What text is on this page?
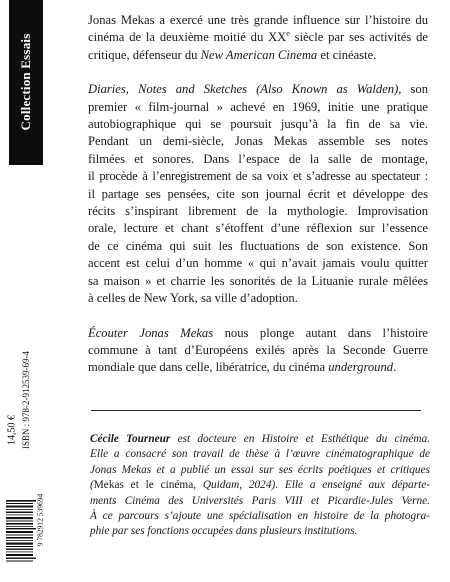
Collection Essais
14,50 € ISBN : 978-2-912539-69-4
9 782912 539694

Jonas Mekas a exercé une très grande influence sur l’histoire du
cinéma de la deuxième moitié du XXe siècle par ses activités de
critique, défenseur du New American Cinema et cinéaste.

Diaries, Notes and Sketches (Also Known as Walden), son
premier « film-journal » achevé en 1969, initie une pratique
autobiographique qui se poursuit jusqu’à la fin de sa vie.
Pendant un demi-siècle, Jonas Mekas assemble ses notes
filmées et sonores. Dans l’espace de la salle de montage,
il procède à l’enregistrement de sa voix et s’adresse au spectateur :
il partage ses pensées, cite son journal écrit et développe des
récits s’inspirant librement de la mythologie. Improvisation
orale, lecture et chant s’étoffent d’une réflexion sur l’essence
de ce cinéma qui suit les fluctuations de son existence. Son
accent est celui d’un homme « qui n’avait jamais voulu quitter
sa maison » et charrie les sonorités de la Lituanie rurale mêlées
à celles de New York, sa ville d’adoption.

Écouter Jonas Mekas nous plonge autant dans l’histoire
commune à tant d’Européens exilés après la Seconde Guerre
mondiale que dans celle, libératrice, du cinéma underground.

Cécile Tourneur est docteure en Histoire et Esthétique du cinéma.
Elle a consacré son travail de thèse à l’œuvre cinématographique de
Jonas Mekas et a publié un essai sur ses écrits poétiques et critiques
(Mekas et le cinéma, Quidam, 2024). Elle a enseigné aux départe-
ments Cinéma des Universités Paris VIII et Picardie-Jules Verne.
À ce parcours s’ajoute une spécialisation en histoire de la photogra-
phie par ses fonctions occupées dans plusieurs institutions.
